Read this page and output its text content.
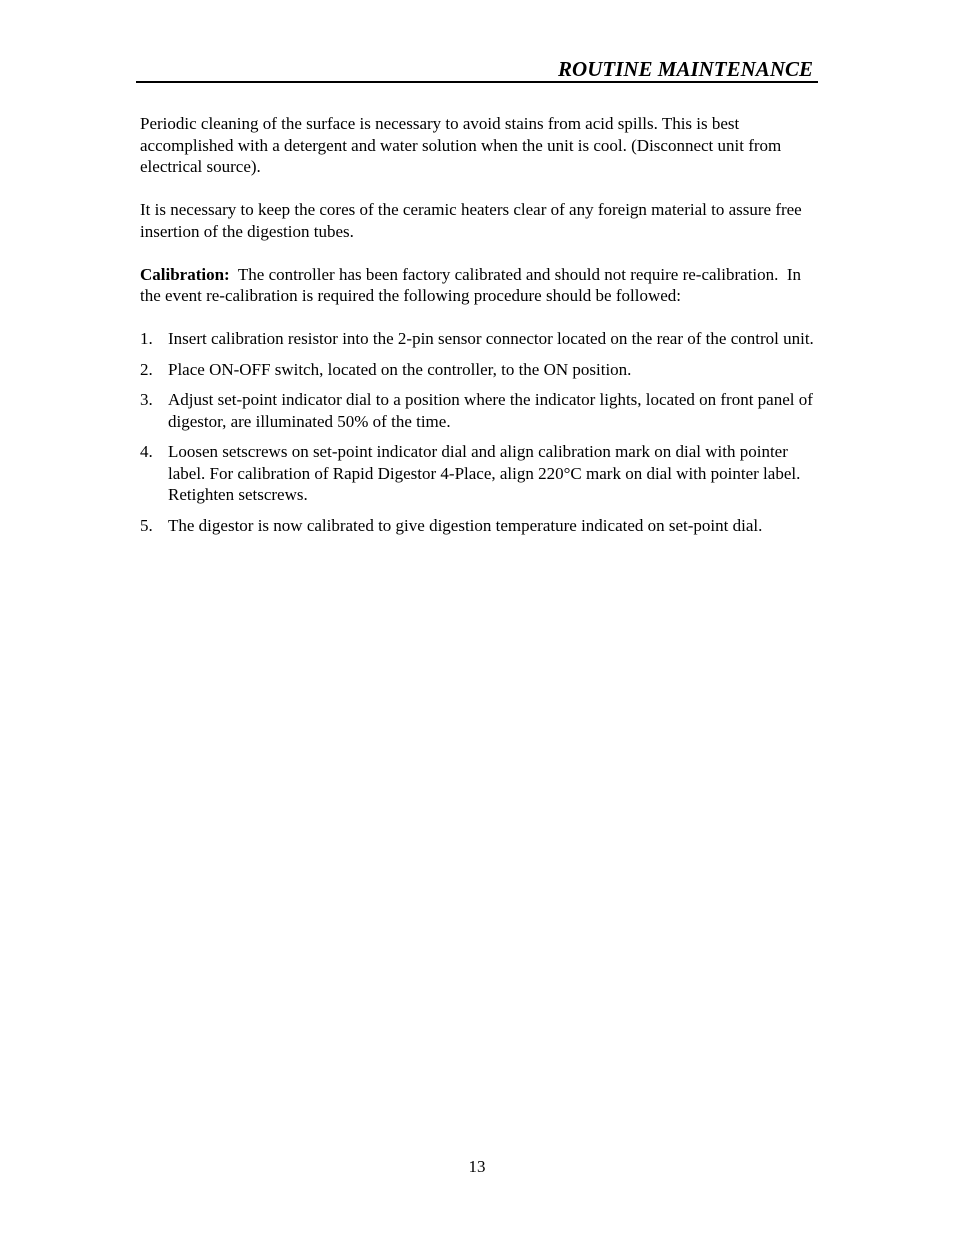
ROUTINE MAINTENANCE

Periodic cleaning of the surface is necessary to avoid stains from acid spills. This is best accomplished with a detergent and water solution when the unit is cool. (Disconnect unit from electrical source).

It is necessary to keep the cores of the ceramic heaters clear of any foreign material to assure free insertion of the digestion tubes.

Calibration:  The controller has been factory calibrated and should not require re-calibration.  In the event re-calibration is required the following procedure should be followed:

1. Insert calibration resistor into the 2-pin sensor connector located on the rear of the control unit.
2. Place ON-OFF switch, located on the controller, to the ON position.
3. Adjust set-point indicator dial to a position where the indicator lights, located on front panel of digestor, are illuminated 50% of the time.
4. Loosen setscrews on set-point indicator dial and align calibration mark on dial with pointer label. For calibration of Rapid Digestor 4-Place, align 220°C mark on dial with pointer label. Retighten setscrews.
5. The digestor is now calibrated to give digestion temperature indicated on set-point dial.
13
